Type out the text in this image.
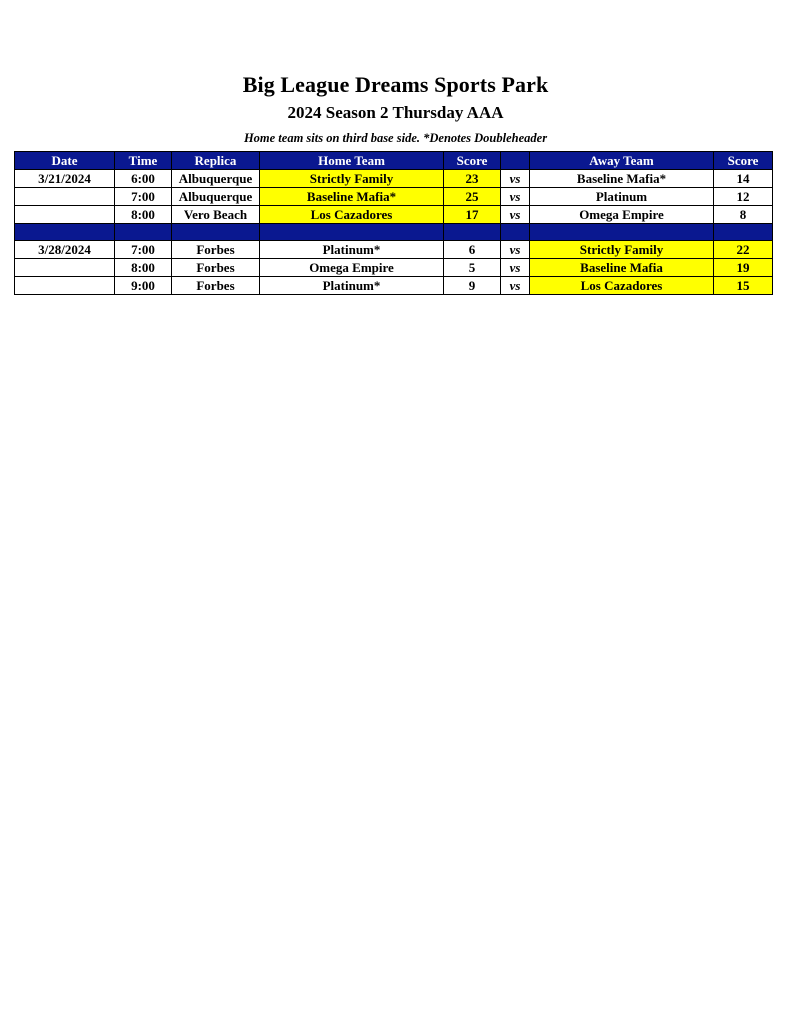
Big League Dreams Sports Park
2024 Season 2 Thursday AAA
Home team sits on third base side. *Denotes Doubleheader
Date	Time	Replica	Home Team	Score		Away Team	Score
3/21/2024	6:00	Albuquerque	Strictly Family	23	vs	Baseline Mafia*	14
	7:00	Albuquerque	Baseline Mafia*	25	vs	Platinum	12
	8:00	Vero Beach	Los Cazadores	17	vs	Omega Empire	8

3/28/2024	7:00	Forbes	Platinum*	6	vs	Strictly Family	22
	8:00	Forbes	Omega Empire	5	vs	Baseline Mafia	19
	9:00	Forbes	Platinum*	9	vs	Los Cazadores	15
